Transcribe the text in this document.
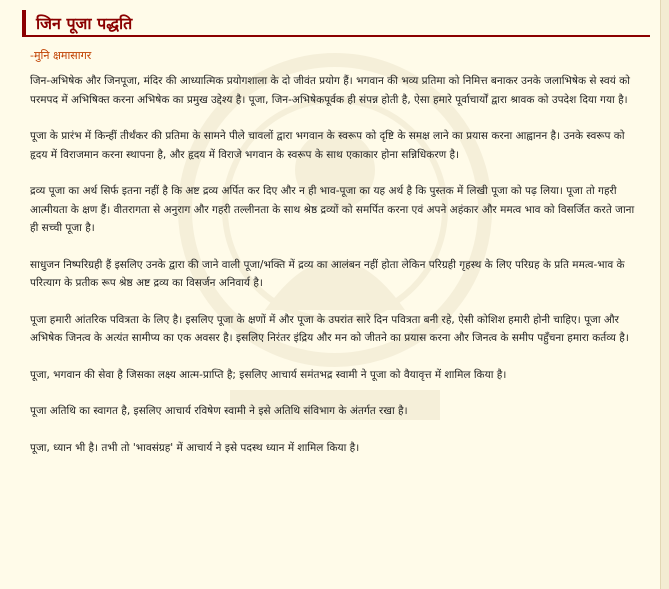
जिन पूजा पद्धति
-मुनि क्षमासागर

जिन-अभिषेक और जिनपूजा, मंदिर की आध्यात्मिक प्रयोगशाला के दो जीवंत प्रयोग हैं। भगवान की भव्य प्रतिमा को निमित्त बनाकर उनके जलाभिषेक से स्वयं को परमपद में अभिषिक्त करना अभिषेक का प्रमुख उद्देश्य है। पूजा, जिन-अभिषेकपूर्वक ही संपन्न होती है, ऐसा हमारे पूर्वाचार्यों द्वारा श्रावक को उपदेश दिया गया है।

पूजा के प्रारंभ में किन्हीं तीर्थंकर की प्रतिमा के सामने पीले चावलों द्वारा भगवान के स्वरूप को दृष्टि के समक्ष लाने का प्रयास करना आह्वानन है। उनके स्वरूप को हृदय में विराजमान करना स्थापना है, और हृदय में विराजे भगवान के स्वरूप के साथ एकाकार होना सन्निधिकरण है।

द्रव्य पूजा का अर्थ सिर्फ इतना नहीं है कि अष्ट द्रव्य अर्पित कर दिए और न ही भाव-पूजा का यह अर्थ है कि पुस्तक में लिखी पूजा को पढ़ लिया। पूजा तो गहरी आत्मीयता के क्षण हैं। वीतरागता से अनुराग और गहरी तल्लीनता के साथ श्रेष्ठ द्रव्यों को समर्पित करना एवं अपने अहंकार और ममत्व भाव को विसर्जित करते जाना ही सच्ची पूजा है।

साधुजन निष्परिग्रही हैं इसलिए उनके द्वारा की जाने वाली पूजा/भक्ति में द्रव्य का आलंबन नहीं होता लेकिन परिग्रही गृहस्थ के लिए परिग्रह के प्रति ममत्व-भाव के परित्याग के प्रतीक रूप श्रेष्ठ अष्ट द्रव्य का विसर्जन अनिवार्य है।

पूजा हमारी आंतरिक पवित्रता के लिए है। इसलिए पूजा के क्षणों में और पूजा के उपरांत सारे दिन पवित्रता बनी रहे, ऐसी कोशिश हमारी होनी चाहिए। पूजा और अभिषेक जिनत्व के अत्यंत सामीप्य का एक अवसर है। इसलिए निरंतर इंद्रिय और मन को जीतने का प्रयास करना और जिनत्व के समीप पहुँचना हमारा कर्तव्य है।

पूजा, भगवान की सेवा है जिसका लक्ष्य आत्म-प्राप्ति है; इसलिए आचार्य समंतभद्र स्वामी ने पूजा को वैयावृत्त में शामिल किया है।

पूजा अतिथि का स्वागत है, इसलिए आचार्य रविषेण स्वामी ने इसे अतिथि संविभाग के अंतर्गत रखा है।

पूजा, ध्यान भी है। तभी तो 'भावसंग्रह' में आचार्य ने इसे पदस्थ ध्यान में शामिल किया है।
